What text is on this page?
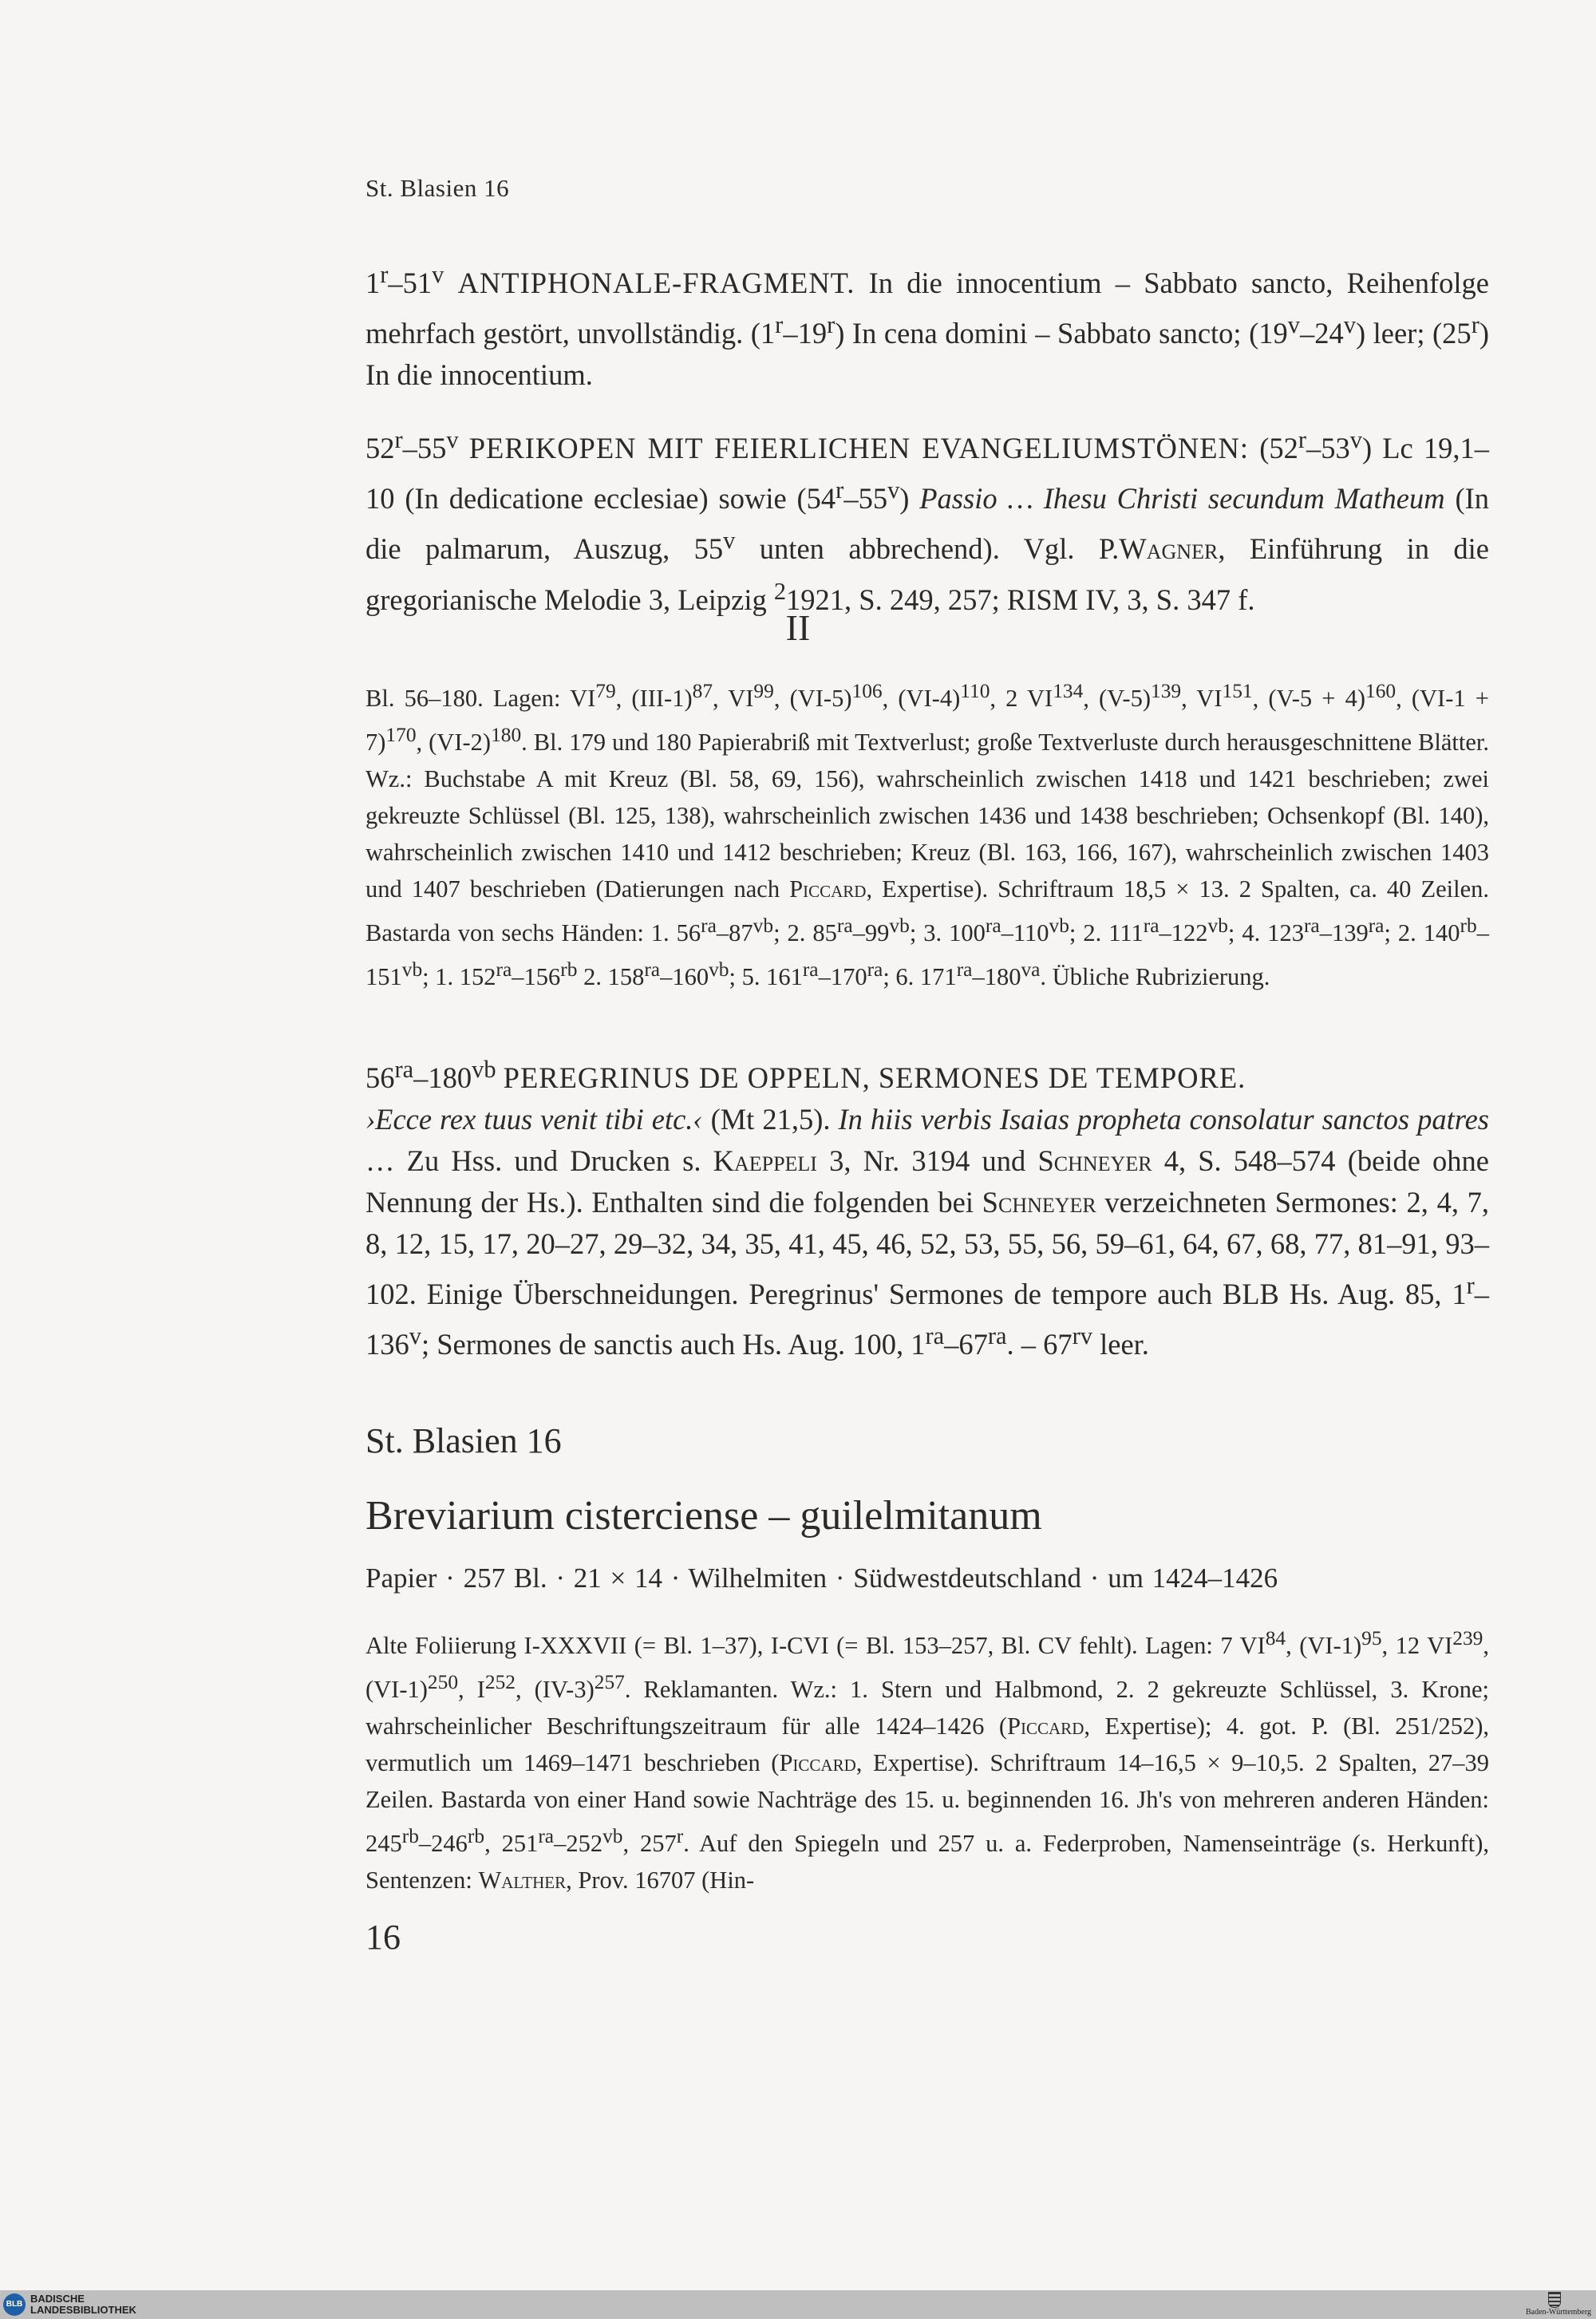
St. Blasien 16

1$^r$–51$^v$ ANTIPHONALE-FRAGMENT. In die innocentium – Sabbato sancto, Reihenfolge mehrfach gestört, unvollständig. (1$^r$–19$^r$) In cena domini – Sabbato sancto; (19$^v$–24$^v$) leer; (25$^r$) In die innocentium.

52$^r$–55$^v$ PERIKOPEN MIT FEIERLICHEN EVANGELIUMSTÖNEN: (52$^r$–53$^v$) Lc 19,1–10 (In dedicatione ecclesiae) sowie (54$^r$–55$^v$) Passio … Ihesu Christi secundum Matheum (In die palmarum, Auszug, 55$^v$ unten abbrechend). Vgl. P.Wagner, Einführung in die gregorianische Melodie 3, Leipzig $^2$1921, S. 249, 257; RISM IV, 3, S. 347 f.

II

Bl. 56–180. Lagen: VI$^{79}$, $(III-1)^{87}$, VI$^{99}$, $(VI-5)^{106}$, $(VI-4)^{110}$, 2 VI$^{134}$, $(V-5)^{139}$, VI$^{151}$, $(V-5 + 4)^{160}$, $(VI-1 + 7)^{170}$, $(VI-2)^{180}$. Bl. 179 und 180 Papierabriß mit Textverlust; große Textverluste durch herausgeschnittene Blätter. Wz.: Buchstabe A mit Kreuz (Bl. 58, 69, 156), wahrscheinlich zwischen 1418 und 1421 beschrieben; zwei gekreuzte Schlüssel (Bl. 125, 138), wahrscheinlich zwischen 1436 und 1438 beschrieben; Ochsenkopf (Bl. 140), wahrscheinlich zwischen 1410 und 1412 beschrieben; Kreuz (Bl. 163, 166, 167), wahrscheinlich zwischen 1403 und 1407 beschrieben (Datierungen nach Piccard, Expertise). Schriftraum 18,5 × 13. 2 Spalten, ca. 40 Zeilen. Bastarda von sechs Händen: 1. $56^{ra}-87^{vb}$; 2. $85^{ra}-99^{vb}$; 3. $100^{ra}-110^{vb}$; 2. $111^{ra}-122^{vb}$; 4. $123^{ra}-139^{ra}$; 2. $140^{rb}-151^{vb}$; 1. $152^{ra}-156^{rb}$ 2. $158^{ra}-160^{vb}$; 5. $161^{ra}-170^{ra}$; 6. $171^{ra}-180^{va}$. Übliche Rubrizierung.

$56^{ra}-180^{vb}$ PEREGRINUS DE OPPELN, SERMONES DE TEMPORE.
›Ecce rex tuus venit tibi etc.‹ (Mt 21,5). In hiis verbis Isaias propheta consolatur sanctos patres … Zu Hss. und Drucken s. Kaeppeli 3, Nr. 3194 und Schneyer 4, S. 548–574 (beide ohne Nennung der Hs.). Enthalten sind die folgenden bei Schneyer verzeichneten Sermones: 2, 4, 7, 8, 12, 15, 17, 20–27, 29–32, 34, 35, 41, 45, 46, 52, 53, 55, 56, 59–61, 64, 67, 68, 77, 81–91, 93–102. Einige Überschneidungen. Peregrinus' Sermones de tempore auch BLB Hs. Aug. 85, 1$^r$–136$^v$; Sermones de sanctis auch Hs. Aug. 100, $1^{ra}-67^{ra}$. – $67^{rv}$ leer.

St. Blasien 16
Breviarium cisterciense – guilelmitanum
Papier · 257 Bl. · 21 × 14 · Wilhelmiten · Südwestdeutschland · um 1424–1426

Alte Foliierung I-XXXVII (= Bl. 1–37), I-CVI (= Bl. 153–257, Bl. CV fehlt). Lagen: 7 VI$^{84}$, $(VI-1)^{95}$, 12 VI$^{239}$, $(VI-1)^{250}$, $I^{252}$, $(IV-3)^{257}$. Reklamanten. Wz.: 1. Stern und Halbmond, 2. 2 gekreuzte Schlüssel, 3. Krone; wahrscheinlicher Beschriftungszeitraum für alle 1424–1426 (Piccard, Expertise); 4. got. P. (Bl. 251/252), vermutlich um 1469–1471 beschrieben (Piccard, Expertise). Schriftraum 14–16,5 × 9–10,5. 2 Spalten, 27–39 Zeilen. Bastarda von einer Hand sowie Nachträge des 15. u. beginnenden 16. Jh's von mehreren anderen Händen: $245^{rb}-246^{rb}$, $251^{ra}-252^{vb}$, 257$^r$. Auf den Spiegeln und 257 u. a. Federproben, Namenseinträge (s. Herkunft), Sentenzen: Walther, Prov. 16707 (Hin-

16
BLB BADISCHE
LANDESBIBLIOTHEK	Baden-Württemberg
